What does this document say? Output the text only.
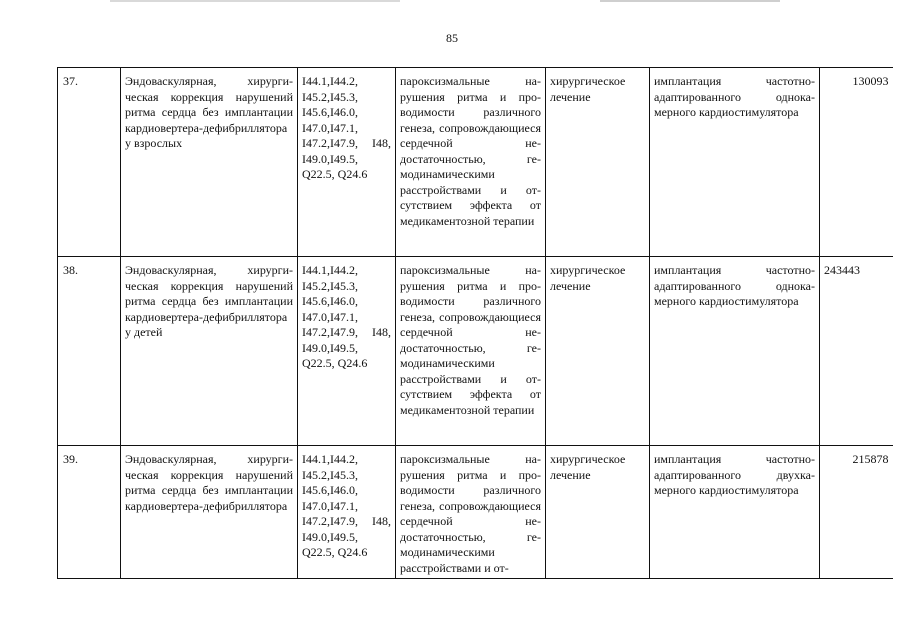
85
37.	Эндоваскулярная, хирургическая коррекция нарушений ритма сердца без имплантации кардиовертера-дефибриллятора у взрослых	I44.1,I44.2, I45.2,I45.3, I45.6,I46.0, I47.0,I47.1, I47.2,I47.9, I48, I49.0,I49.5, Q22.5, Q24.6	пароксизмальные нарушения ритма и проводимости различного генеза, сопровождающиеся сердечной недостаточностью, гемодинамическими расстройствами и отсутствием эффекта от медикаментозной терапии	хирургическое лечение	имплантация частотно-адаптированного однокамерного кардиостимулятора	130093
38.	Эндоваскулярная, хирургическая коррекция нарушений ритма сердца без имплантации кардиовертера-дефибриллятора у детей	I44.1,I44.2, I45.2,I45.3, I45.6,I46.0, I47.0,I47.1, I47.2,I47.9, I48, I49.0,I49.5, Q22.5, Q24.6	пароксизмальные нарушения ритма и проводимости различного генеза, сопровождающиеся сердечной недостаточностью, гемодинамическими расстройствами и отсутствием эффекта от медикаментозной терапии	хирургическое лечение	имплантация частотно-адаптированного однокамерного кардиостимулятора	243443
39.	Эндоваскулярная, хирургическая коррекция нарушений ритма сердца без имплантации кардиовертера-дефибриллятора	I44.1,I44.2, I45.2,I45.3, I45.6,I46.0, I47.0,I47.1, I47.2,I47.9, I48, I49.0,I49.5, Q22.5, Q24.6	пароксизмальные нарушения ритма и проводимости различного генеза, сопровождающиеся сердечной недостаточностью, гемодинамическими расстройствами и от-	хирургическое лечение	имплантация частотно-адаптированного двухкамерного кардиостимулятора	215878
